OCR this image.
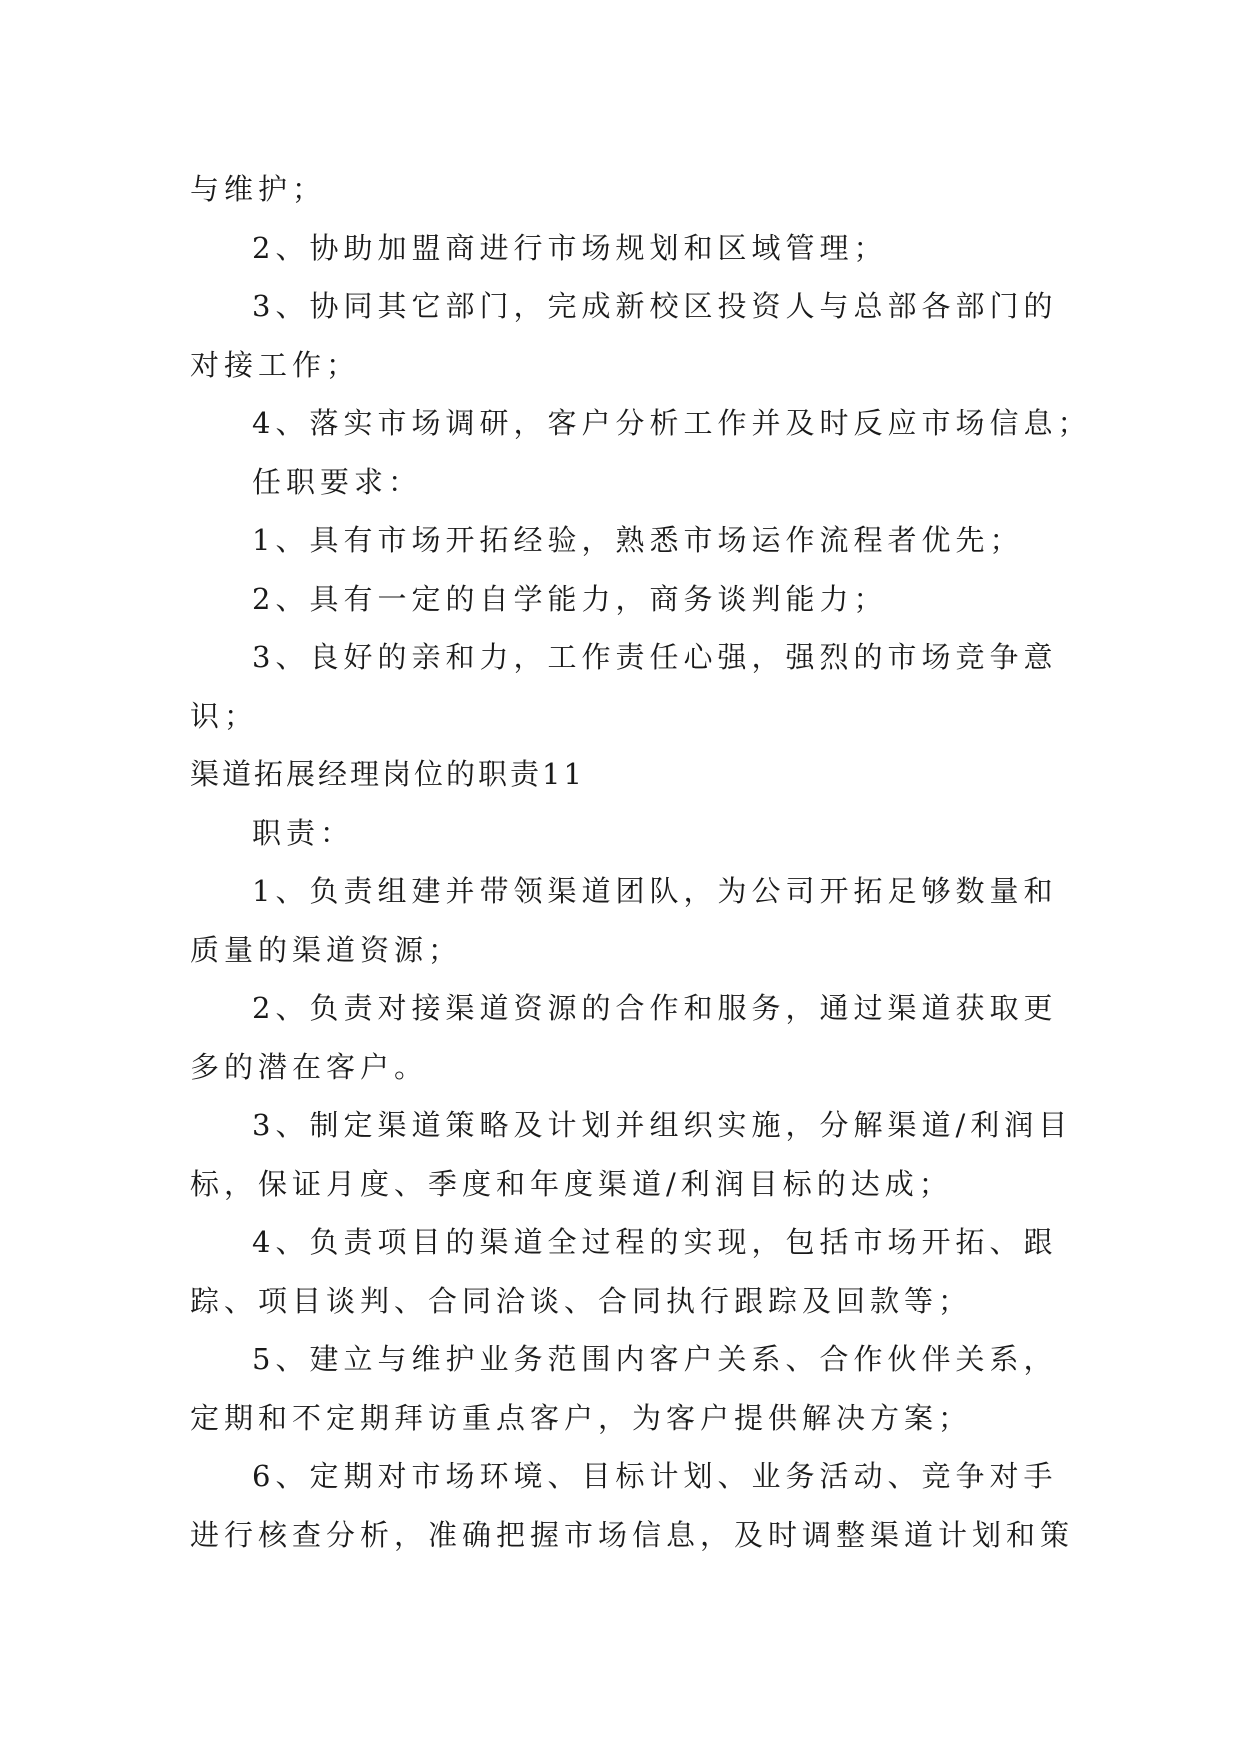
与维护；
2、协助加盟商进行市场规划和区域管理；
3、协同其它部门，完成新校区投资人与总部各部门的
对接工作；
4、落实市场调研，客户分析工作并及时反应市场信息；
任职要求：
1、具有市场开拓经验，熟悉市场运作流程者优先；
2、具有一定的自学能力，商务谈判能力；
3、良好的亲和力，工作责任心强，强烈的市场竞争意
识；
渠道拓展经理岗位的职责11
职责：
1、负责组建并带领渠道团队，为公司开拓足够数量和
质量的渠道资源；
2、负责对接渠道资源的合作和服务，通过渠道获取更
多的潜在客户。
3、制定渠道策略及计划并组织实施，分解渠道/利润目
标，保证月度、季度和年度渠道/利润目标的达成；
4、负责项目的渠道全过程的实现，包括市场开拓、跟
踪、项目谈判、合同洽谈、合同执行跟踪及回款等；
5、建立与维护业务范围内客户关系、合作伙伴关系，
定期和不定期拜访重点客户，为客户提供解决方案；
6、定期对市场环境、目标计划、业务活动、竞争对手
进行核查分析，准确把握市场信息，及时调整渠道计划和策
